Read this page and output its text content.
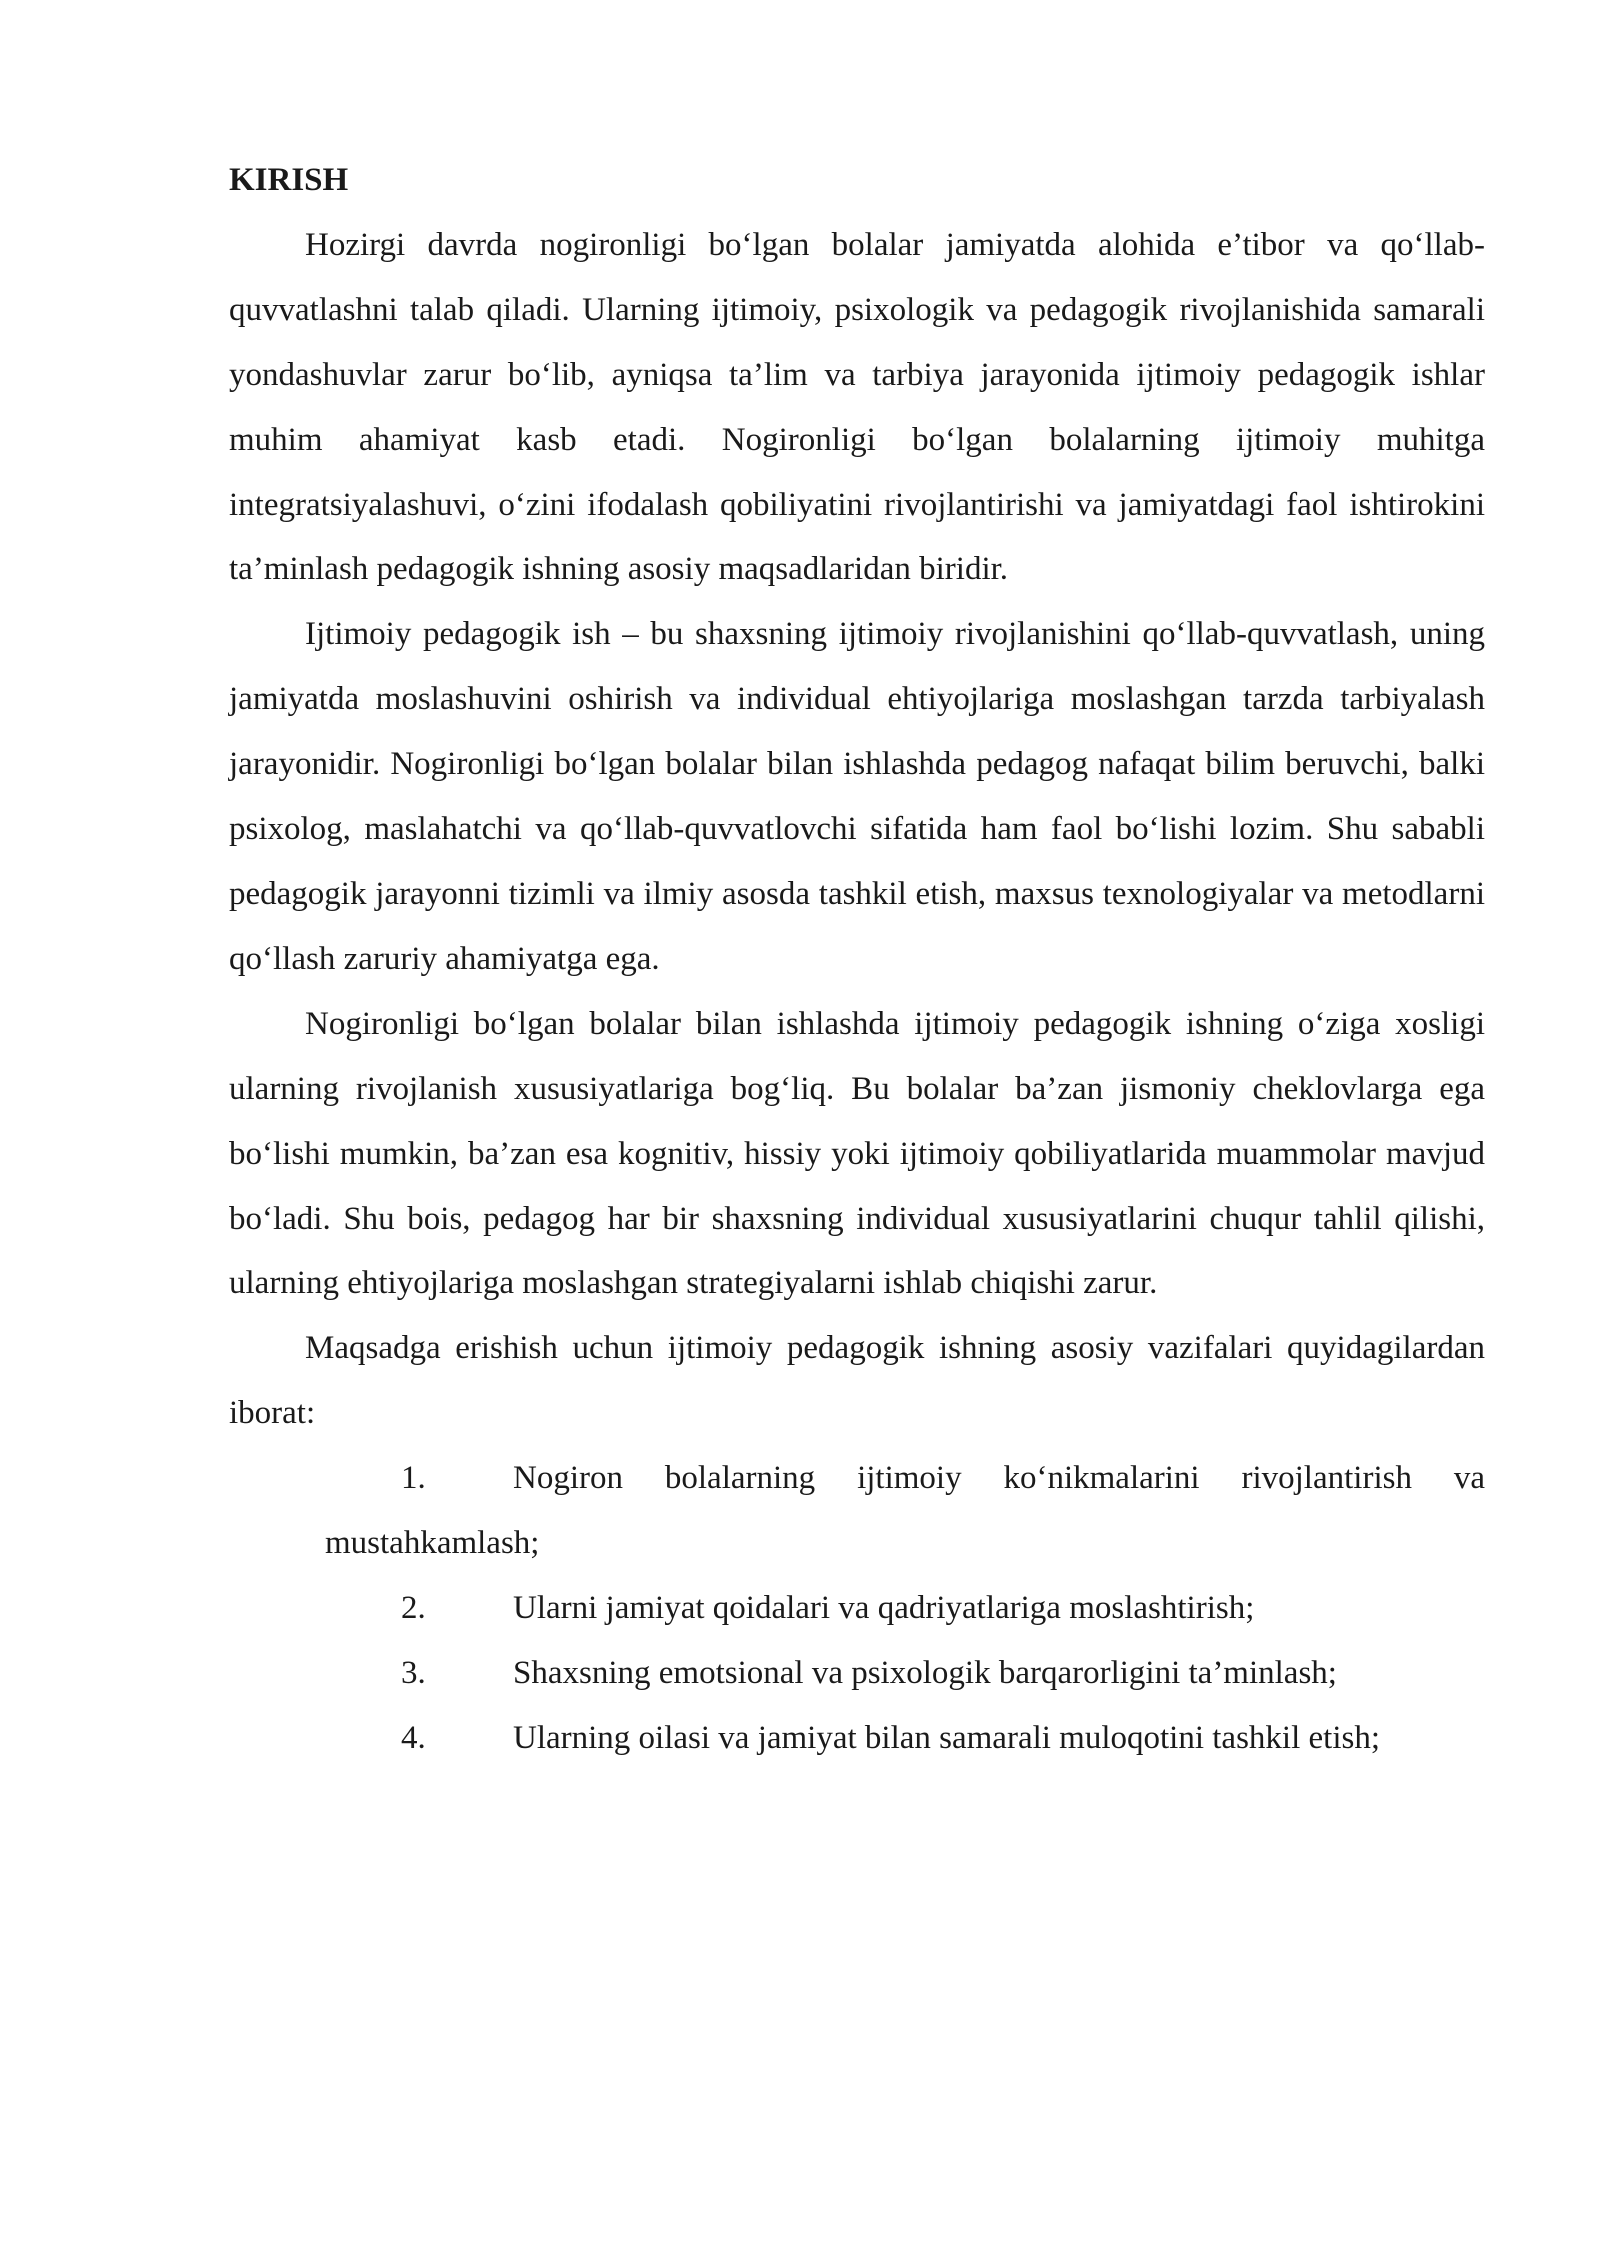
KIRISH

Hozirgi davrda nogironligi bo‘lgan bolalar jamiyatda alohida e’tibor va qo‘llab-quvvatlashni talab qiladi. Ularning ijtimoiy, psixologik va pedagogik rivojlanishida samarali yondashuvlar zarur bo‘lib, ayniqsa ta’lim va tarbiya jarayonida ijtimoiy pedagogik ishlar muhim ahamiyat kasb etadi. Nogironligi bo‘lgan bolalarning ijtimoiy muhitga integratsiyalashuvi, o‘zini ifodalash qobiliyatini rivojlantirishi va jamiyatdagi faol ishtirokini ta’minlash pedagogik ishning asosiy maqsadlaridan biridir.

Ijtimoiy pedagogik ish – bu shaxsning ijtimoiy rivojlanishini qo‘llab-quvvatlash, uning jamiyatda moslashuvini oshirish va individual ehtiyojlariga moslashgan tarzda tarbiyalash jarayonidir. Nogironligi bo‘lgan bolalar bilan ishlashda pedagog nafaqat bilim beruvchi, balki psixolog, maslahatchi va qo‘llab-quvvatlovchi sifatida ham faol bo‘lishi lozim. Shu sababli pedagogik jarayonni tizimli va ilmiy asosda tashkil etish, maxsus texnologiyalar va metodlarni qo‘llash zaruriy ahamiyatga ega.

Nogironligi bo‘lgan bolalar bilan ishlashda ijtimoiy pedagogik ishning o‘ziga xosligi ularning rivojlanish xususiyatlariga bog‘liq. Bu bolalar ba’zan jismoniy cheklovlarga ega bo‘lishi mumkin, ba’zan esa kognitiv, hissiy yoki ijtimoiy qobiliyatlarida muammolar mavjud bo‘ladi. Shu bois, pedagog har bir shaxsning individual xususiyatlarini chuqur tahlil qilishi, ularning ehtiyojlariga moslashgan strategiyalarni ishlab chiqishi zarur.

Maqsadga erishish uchun ijtimoiy pedagogik ishning asosiy vazifalari quyidagilardan iborat:

1.	Nogiron bolalarning ijtimoiy ko‘nikmalarini rivojlantirish va mustahkamlash;
2.	Ularni jamiyat qoidalari va qadriyatlariga moslashtirish;
3.	Shaxsning emotsional va psixologik barqarorligini ta’minlash;
4.	Ularning oilasi va jamiyat bilan samarali muloqotini tashkil etish;
